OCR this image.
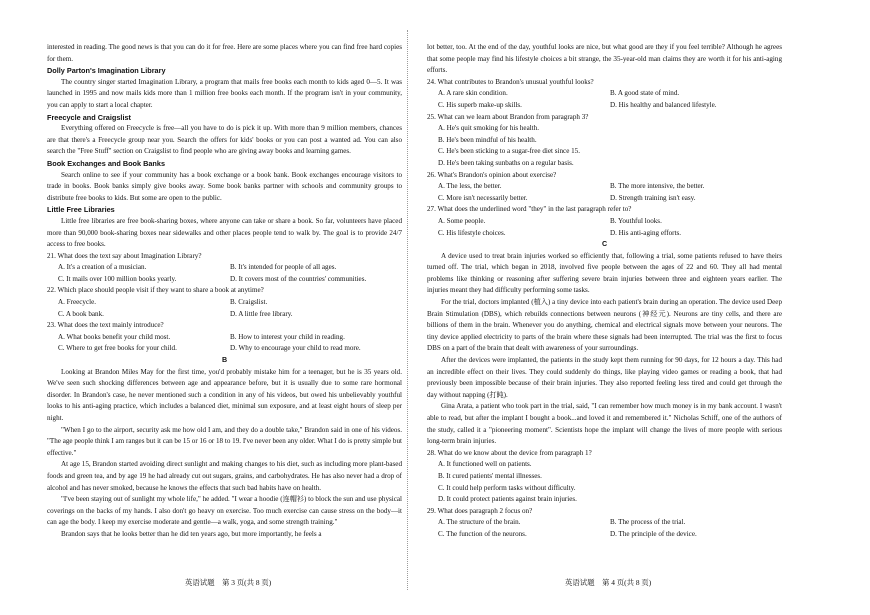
interested in reading. The good news is that you can do it for free. Here are some places where you can find free hard copies for them.

Dolly Parton's Imagination Library

The country singer started Imagination Library, a program that mails free books each month to kids aged 0—5. It was launched in 1995 and now mails kids more than 1 million free books each month. If the program isn't in your community, you can apply to start a local chapter.

Freecycle and Craigslist

Everything offered on Freecycle is free—all you have to do is pick it up. With more than 9 million members, chances are that there's a Freecycle group near you. Search the offers for kids' books or you can post a wanted ad. You can also search the "Free Stuff" section on Craigslist to find people who are giving away books and learning games.

Book Exchanges and Book Banks

Search online to see if your community has a book exchange or a book bank. Book exchanges encourage visitors to trade in books. Book banks simply give books away. Some book banks partner with schools and community groups to distribute free books to kids. But some are open to the public.

Little Free Libraries

Little free libraries are free book-sharing boxes, where anyone can take or share a book. So far, volunteers have placed more than 90,000 book-sharing boxes near sidewalks and other places people tend to walk by. The goal is to provide 24/7 access to free books.

21. What does the text say about Imagination Library?

A. It's a creation of a musician.	B. It's intended for people of all ages.
C. It mails over 100 million books yearly.	D. It covers most of the countries' communities.

22. Which place should people visit if they want to share a book at anytime?

A. Freecycle.	B. Craigslist.
C. A book bank.	D. A little free library.

23. What does the text mainly introduce?

A. What books benefit your child most.	B. How to interest your child in reading.
C. Where to get free books for your child.	D. Why to encourage your child to read more.

B

Looking at Brandon Miles May for the first time, you'd probably mistake him for a teenager, but he is 35 years old. We've seen such shocking differences between age and appearance before, but it is usually due to some rare hormonal disorder. In Brandon's case, he never mentioned such a condition in any of his videos, but owed his unbelievably youthful looks to his anti-aging practice, which includes a balanced diet, minimal sun exposure, and at least eight hours of sleep per night.

"When I go to the airport, security ask me how old I am, and they do a double take," Brandon said in one of his videos. "The age people think I am ranges but it can be 15 or 16 or 18 to 19. I've never been any older. What I do is pretty simple but effective."

At age 15, Brandon started avoiding direct sunlight and making changes to his diet, such as including more plant-based foods and green tea, and by age 19 he had already cut out sugars, grains, and carbohydrates. He has also never had a drop of alcohol and has never smoked, because he knows the effects that such bad habits have on health.

"I've been staying out of sunlight my whole life," he added. "I wear a hoodie (连帽衫) to block the sun and use physical coverings on the backs of my hands. I also don't go heavy on exercise. Too much exercise can cause stress on the body—it can age the body. I keep my exercise moderate and gentle—a walk, yoga, and some strength training."

Brandon says that he looks better than he did ten years ago, but more importantly, he feels a

lot better, too. At the end of the day, youthful looks are nice, but what good are they if you feel terrible? Although he agrees that some people may find his lifestyle choices a bit strange, the 35-year-old man claims they are worth it for his anti-aging efforts.

24. What contributes to Brandon's unusual youthful looks?

A. A rare skin condition.	B. A good state of mind.
C. His superb make-up skills.	D. His healthy and balanced lifestyle.

25. What can we learn about Brandon from paragraph 3?

A. He's quit smoking for his health.
B. He's been mindful of his health.
C. He's been sticking to a sugar-free diet since 15.
D. He's been taking sunbaths on a regular basis.

26. What's Brandon's opinion about exercise?

A. The less, the better.	B. The more intensive, the better.
C. More isn't necessarily better.	D. Strength training isn't easy.

27. What does the underlined word "they" in the last paragraph refer to?

A. Some people.	B. Youthful looks.
C. His lifestyle choices.	D. His anti-aging efforts.

C

A device used to treat brain injuries worked so efficiently that, following a trial, some patients refused to have theirs turned off. The trial, which began in 2018, involved five people between the ages of 22 and 60. They all had mental problems like thinking or reasoning after suffering severe brain injuries between three and eighteen years earlier. The injuries meant they had difficulty performing some tasks.

For the trial, doctors implanted (植入) a tiny device into each patient's brain during an operation. The device used Deep Brain Stimulation (DBS), which rebuilds connections between neurons (神经元). Neurons are tiny cells, and there are billions of them in the brain. Whenever you do anything, chemical and electrical signals move between your neurons. The tiny device applied electricity to parts of the brain where these signals had been interrupted. The trial was the first to focus DBS on a part of the brain that dealt with awareness of your surroundings.

After the devices were implanted, the patients in the study kept them running for 90 days, for 12 hours a day. This had an incredible effect on their lives. They could suddenly do things, like playing video games or reading a book, that had previously been impossible because of their brain injuries. They also reported feeling less tired and could get through the day without napping (打盹).

Gina Arata, a patient who took part in the trial, said, "I can remember how much money is in my bank account. I wasn't able to read, but after the implant I bought a book...and loved it and remembered it." Nicholas Schiff, one of the authors of the study, called it a "pioneering moment". Scientists hope the implant will change the lives of more people with serious long-term brain injuries.

28. What do we know about the device from paragraph 1?

A. It functioned well on patients.
B. It cured patients' mental illnesses.
C. It could help perform tasks without difficulty.
D. It could protect patients against brain injuries.

29. What does paragraph 2 focus on?

A. The structure of the brain.	B. The process of the trial.
C. The function of the neurons.	D. The principle of the device.
英语试题　第 3 页(共 8 页)	英语试题　第 4 页(共 8 页)
